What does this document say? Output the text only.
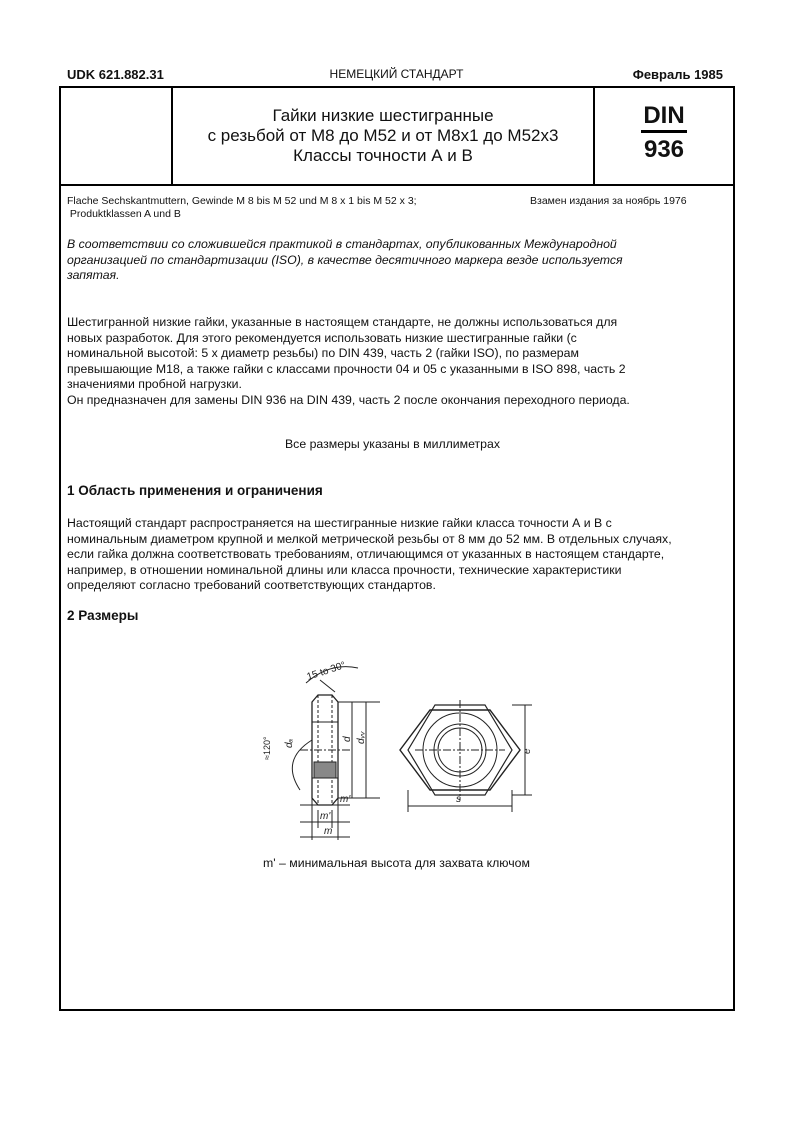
UDK 621.882.31	НЕМЕЦКИЙ СТАНДАРТ	Февраль 1985
Гайки низкие шестигранные
с резьбой от М8 до М52 и от М8х1 до М52х3
Классы точности А и В
DIN
936
Flache Sechskantmuttern, Gewinde M 8 bis M 52 und M 8 x 1 bis M 52 x 3;
Produktklassen A und B
Взамен издания за ноябрь 1976
В соответствии со сложившейся практикой в стандартах, опубликованных Международной
организацией по стандартизации (ISO), в качестве десятичного маркера везде используется
запятая.
Шестигранной низкие гайки, указанные в настоящем стандарте, не должны использоваться для
новых разработок. Для этого рекомендуется использовать низкие шестигранные гайки (с
номинальной высотой: 5 х диаметр резьбы) по DIN 439, часть 2 (гайки ISO), по размерам
превышающие М18, а также гайки с классами прочности 04 и 05 с указанными в ISO 898, часть 2
значениями пробной нагрузки.
Он предназначен для замены DIN 936 на DIN 439, часть 2 после окончания переходного периода.
Все размеры указаны в миллиметрах
1 Область применения и ограничения
Настоящий стандарт распространяется на шестигранные низкие гайки класса точности А и В с
номинальным диаметром крупной и мелкой метрической резьбы от 8 мм до 52 мм. В отдельных случаях,
если гайка должна соответствовать требованиям, отличающимся от указанных в настоящем стандарте,
например, в отношении номинальной длины или класса прочности, технические характеристики
определяют согласно требований соответствующих стандартов.
2 Размеры
15 to 30°
≈120° dₐ	d dᵥᵥ
m'
m'
m
e
s
m' – минимальная высота для захвата ключом
